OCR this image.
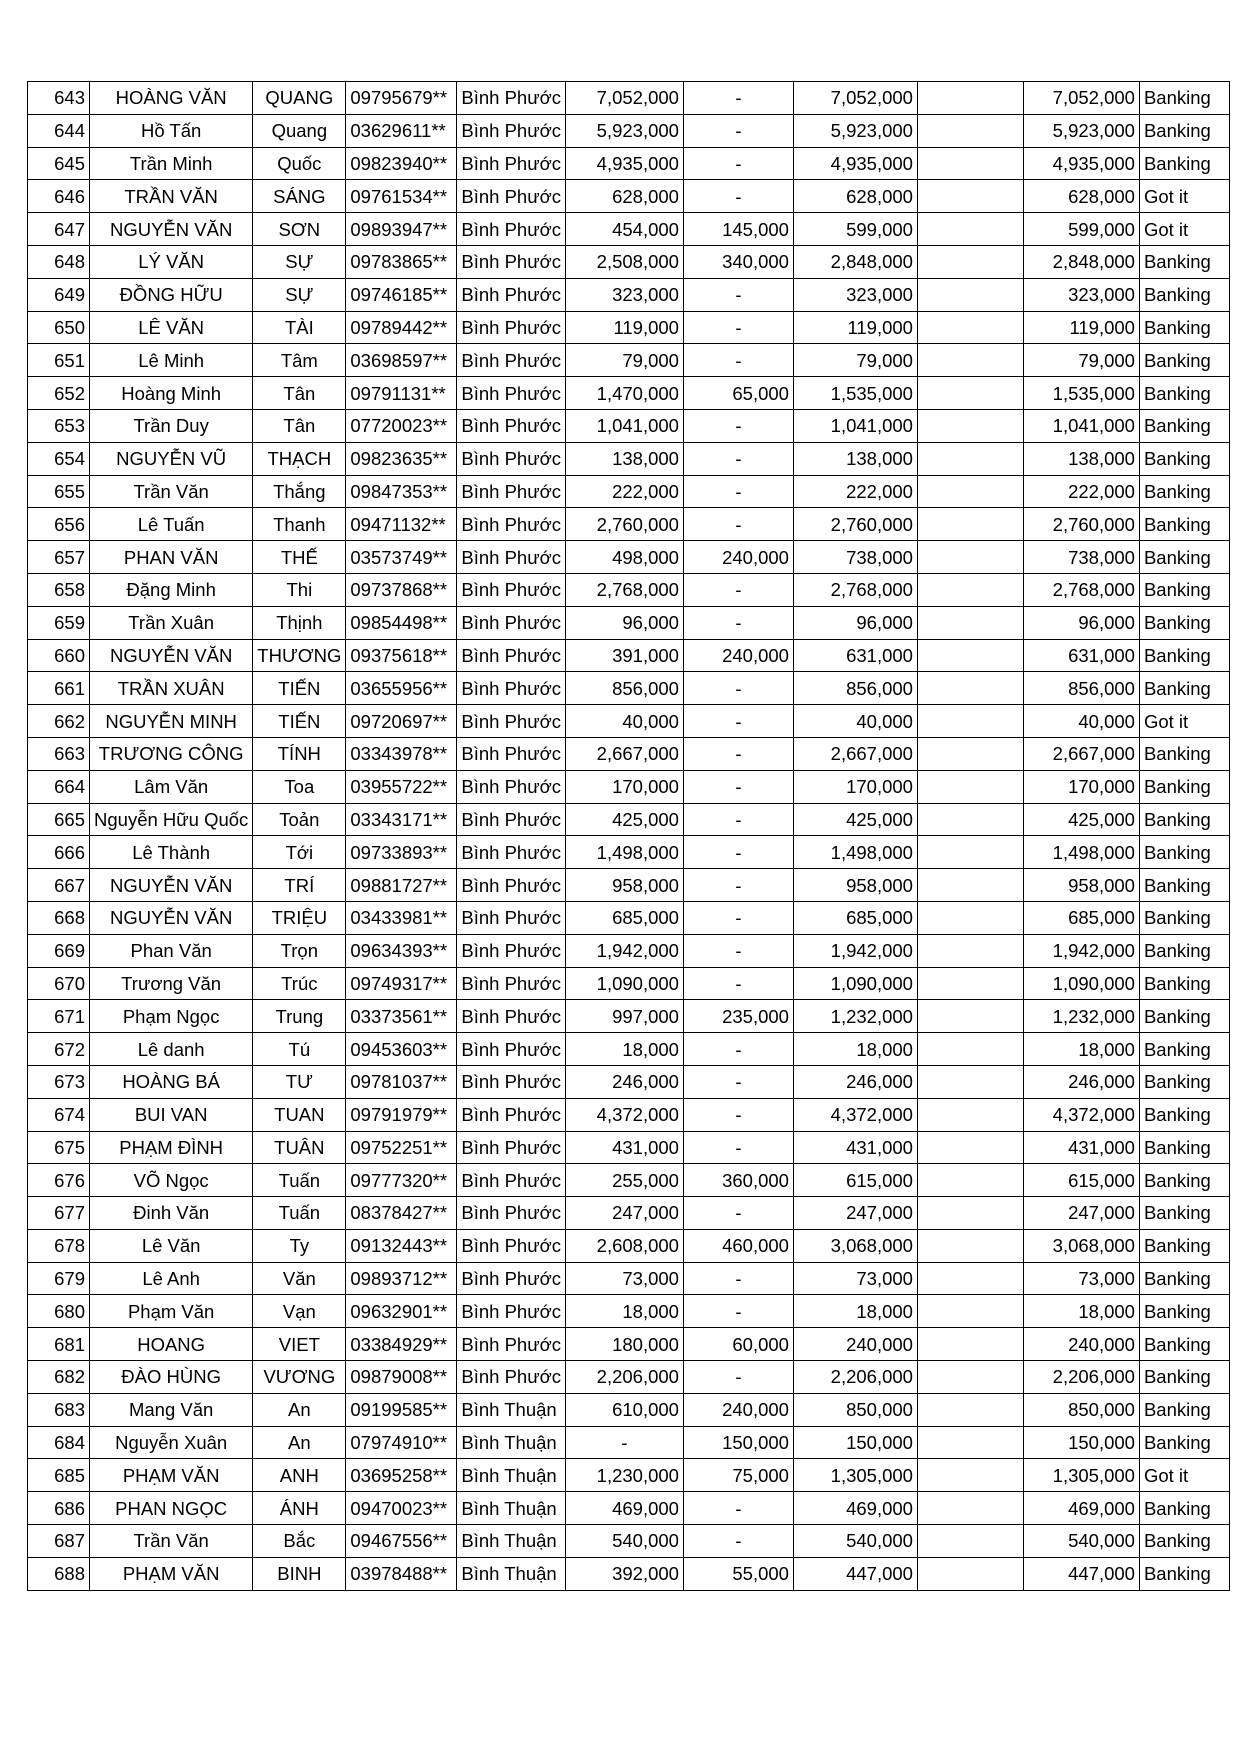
643	HOÀNG VĂN	QUANG	09795679**	Bình Phước	7,052,000	-	7,052,000		7,052,000	Banking
644	Hồ Tấn	Quang	03629611**	Bình Phước	5,923,000	-	5,923,000		5,923,000	Banking
645	Trần Minh	Quốc	09823940**	Bình Phước	4,935,000	-	4,935,000		4,935,000	Banking
646	TRẦN VĂN	SÁNG	09761534**	Bình Phước	628,000	-	628,000		628,000	Got it
647	NGUYỄN VĂN	SƠN	09893947**	Bình Phước	454,000	145,000	599,000		599,000	Got it
648	LÝ VĂN	SỰ	09783865**	Bình Phước	2,508,000	340,000	2,848,000		2,848,000	Banking
649	ĐỒNG HỮU	SỰ	09746185**	Bình Phước	323,000	-	323,000		323,000	Banking
650	LÊ VĂN	TÀI	09789442**	Bình Phước	119,000	-	119,000		119,000	Banking
651	Lê Minh	Tâm	03698597**	Bình Phước	79,000	-	79,000		79,000	Banking
652	Hoàng Minh	Tân	09791131**	Bình Phước	1,470,000	65,000	1,535,000		1,535,000	Banking
653	Trần Duy	Tân	07720023**	Bình Phước	1,041,000	-	1,041,000		1,041,000	Banking
654	NGUYỄN VŨ	THẠCH	09823635**	Bình Phước	138,000	-	138,000		138,000	Banking
655	Trần Văn	Thắng	09847353**	Bình Phước	222,000	-	222,000		222,000	Banking
656	Lê Tuấn	Thanh	09471132**	Bình Phước	2,760,000	-	2,760,000		2,760,000	Banking
657	PHAN VĂN	THẾ	03573749**	Bình Phước	498,000	240,000	738,000		738,000	Banking
658	Đặng Minh	Thi	09737868**	Bình Phước	2,768,000	-	2,768,000		2,768,000	Banking
659	Trần Xuân	Thịnh	09854498**	Bình Phước	96,000	-	96,000		96,000	Banking
660	NGUYỄN VĂN	THƯƠNG	09375618**	Bình Phước	391,000	240,000	631,000		631,000	Banking
661	TRẦN XUÂN	TIẾN	03655956**	Bình Phước	856,000	-	856,000		856,000	Banking
662	NGUYỄN MINH	TIẾN	09720697**	Bình Phước	40,000	-	40,000		40,000	Got it
663	TRƯƠNG CÔNG	TÍNH	03343978**	Bình Phước	2,667,000	-	2,667,000		2,667,000	Banking
664	Lâm Văn	Toa	03955722**	Bình Phước	170,000	-	170,000		170,000	Banking
665	Nguyễn Hữu Quốc	Toản	03343171**	Bình Phước	425,000	-	425,000		425,000	Banking
666	Lê Thành	Tới	09733893**	Bình Phước	1,498,000	-	1,498,000		1,498,000	Banking
667	NGUYỄN VĂN	TRÍ	09881727**	Bình Phước	958,000	-	958,000		958,000	Banking
668	NGUYỄN VĂN	TRIỆU	03433981**	Bình Phước	685,000	-	685,000		685,000	Banking
669	Phan Văn	Trọn	09634393**	Bình Phước	1,942,000	-	1,942,000		1,942,000	Banking
670	Trương Văn	Trúc	09749317**	Bình Phước	1,090,000	-	1,090,000		1,090,000	Banking
671	Phạm Ngọc	Trung	03373561**	Bình Phước	997,000	235,000	1,232,000		1,232,000	Banking
672	Lê danh	Tú	09453603**	Bình Phước	18,000	-	18,000		18,000	Banking
673	HOÀNG BÁ	TƯ	09781037**	Bình Phước	246,000	-	246,000		246,000	Banking
674	BUI VAN	TUAN	09791979**	Bình Phước	4,372,000	-	4,372,000		4,372,000	Banking
675	PHẠM ĐÌNH	TUÂN	09752251**	Bình Phước	431,000	-	431,000		431,000	Banking
676	VÕ Ngọc	Tuấn	09777320**	Bình Phước	255,000	360,000	615,000		615,000	Banking
677	Đinh Văn	Tuấn	08378427**	Bình Phước	247,000	-	247,000		247,000	Banking
678	Lê Văn	Ty	09132443**	Bình Phước	2,608,000	460,000	3,068,000		3,068,000	Banking
679	Lê Anh	Văn	09893712**	Bình Phước	73,000	-	73,000		73,000	Banking
680	Phạm Văn	Vạn	09632901**	Bình Phước	18,000	-	18,000		18,000	Banking
681	HOANG	VIET	03384929**	Bình Phước	180,000	60,000	240,000		240,000	Banking
682	ĐÀO HÙNG	VƯƠNG	09879008**	Bình Phước	2,206,000	-	2,206,000		2,206,000	Banking
683	Mang Văn	An	09199585**	Bình Thuận	610,000	240,000	850,000		850,000	Banking
684	Nguyễn Xuân	An	07974910**	Bình Thuận	-	150,000	150,000		150,000	Banking
685	PHẠM VĂN	ANH	03695258**	Bình Thuận	1,230,000	75,000	1,305,000		1,305,000	Got it
686	PHAN NGỌC	ÁNH	09470023**	Bình Thuận	469,000	-	469,000		469,000	Banking
687	Trần Văn	Bắc	09467556**	Bình Thuận	540,000	-	540,000		540,000	Banking
688	PHẠM VĂN	BINH	03978488**	Bình Thuận	392,000	55,000	447,000		447,000	Banking
